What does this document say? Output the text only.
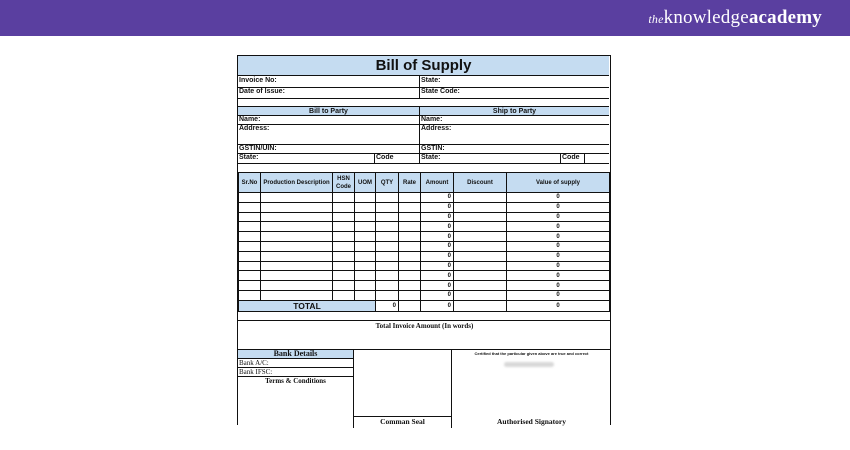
theknowledgeacademy
Bill of Supply
Invoice No:	State:
Date of Issue:	State Code:
Bill to Party	Ship to Party
Name:
Address:
GSTIN/UIN:
State:	Code
Name:
Address:
GSTIN:
State:	Code
Sr.No	Production Description	HSN Code	UOM	QTY	Rate	Amount	Discount	Value of supply
						0		0
						0		0
						0		0
						0		0
						0		0
						0		0
						0		0
						0		0
						0		0
						0		0
						0		0
TOTAL				0		0		0
Total Invoice Amount (In words)
Bank Details
Bank A/C:
Bank IFSC:
Terms & Conditions
Comman Seal
Certified that the particular given above are true and correct
Authorised Signatory
